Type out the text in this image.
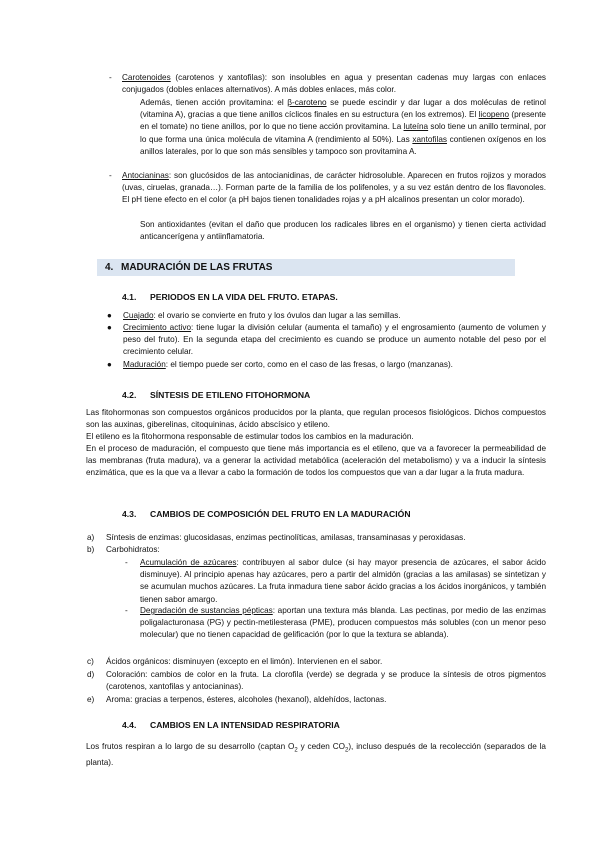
- Carotenoides (carotenos y xantofilas): son insolubles en agua y presentan cadenas muy largas con enlaces conjugados (dobles enlaces alternativos). A más dobles enlaces, más color.
Además, tienen acción provitamina: el β-caroteno se puede escindir y dar lugar a dos moléculas de retinol (vitamina A), gracias a que tiene anillos cíclicos finales en su estructura (en los extremos). El licopeno (presente en el tomate) no tiene anillos, por lo que no tiene acción provitamina. La luteína solo tiene un anillo terminal, por lo que forma una única molécula de vitamina A (rendimiento al 50%). Las xantofilas contienen oxígenos en los anillos laterales, por lo que son más sensibles y tampoco son provitamina A.
- Antocianinas: son glucósidos de las antocianidinas, de carácter hidrosoluble. Aparecen en frutos rojizos y morados (uvas, ciruelas, granada…). Forman parte de la familia de los polifenoles, y a su vez están dentro de los flavonoles. El pH tiene efecto en el color (a pH bajos tienen tonalidades rojas y a pH alcalinos presentan un color morado).
Son antioxidantes (evitan el daño que producen los radicales libres en el organismo) y tienen cierta actividad anticancerígena y antiinflamatoria.
4. MADURACIÓN DE LAS FRUTAS
4.1. PERIODOS EN LA VIDA DEL FRUTO. ETAPAS.
● Cuajado: el ovario se convierte en fruto y los óvulos dan lugar a las semillas.
● Crecimiento activo: tiene lugar la división celular (aumenta el tamaño) y el engrosamiento (aumento de volumen y peso del fruto). En la segunda etapa del crecimiento es cuando se produce un aumento notable del peso por el crecimiento celular.
● Maduración: el tiempo puede ser corto, como en el caso de las fresas, o largo (manzanas).
4.2. SÍNTESIS DE ETILENO FITOHORMONA
Las fitohormonas son compuestos orgánicos producidos por la planta, que regulan procesos fisiológicos. Dichos compuestos son las auxinas, giberelinas, citoquininas, ácido abscísico y etileno.
El etileno es la fitohormona responsable de estimular todos los cambios en la maduración.
En el proceso de maduración, el compuesto que tiene más importancia es el etileno, que va a favorecer la permeabilidad de las membranas (fruta madura), va a generar la actividad metabólica (aceleración del metabolismo) y va a inducir la síntesis enzimática, que es la que va a llevar a cabo la formación de todos los compuestos que van a dar lugar a la fruta madura.
4.3. CAMBIOS DE COMPOSICIÓN DEL FRUTO EN LA MADURACIÓN
a) Síntesis de enzimas: glucosidasas, enzimas pectinolíticas, amilasas, transaminasas y peroxidasas.
b) Carbohidratos:
- Acumulación de azúcares: contribuyen al sabor dulce (si hay mayor presencia de azúcares, el sabor ácido disminuye). Al principio apenas hay azúcares, pero a partir del almidón (gracias a las amilasas) se sintetizan y se acumulan muchos azúcares. La fruta inmadura tiene sabor ácido gracias a los ácidos inorgánicos, y también tienen sabor amargo.
- Degradación de sustancias pépticas: aportan una textura más blanda. Las pectinas, por medio de las enzimas poligalacturonasa (PG) y pectin-metilesterasa (PME), producen compuestos más solubles (con un menor peso molecular) que no tienen capacidad de gelificación (por lo que la textura se ablanda).
c) Ácidos orgánicos: disminuyen (excepto en el limón). Intervienen en el sabor.
d) Coloración: cambios de color en la fruta. La clorofila (verde) se degrada y se produce la síntesis de otros pigmentos (carotenos, xantofilas y antocianinas).
e) Aroma: gracias a terpenos, ésteres, alcoholes (hexanol), aldehídos, lactonas.
4.4. CAMBIOS EN LA INTENSIDAD RESPIRATORIA
Los frutos respiran a lo largo de su desarrollo (captan $O_2$ y ceden $CO_2$), incluso después de la recolección (separados de la planta).
